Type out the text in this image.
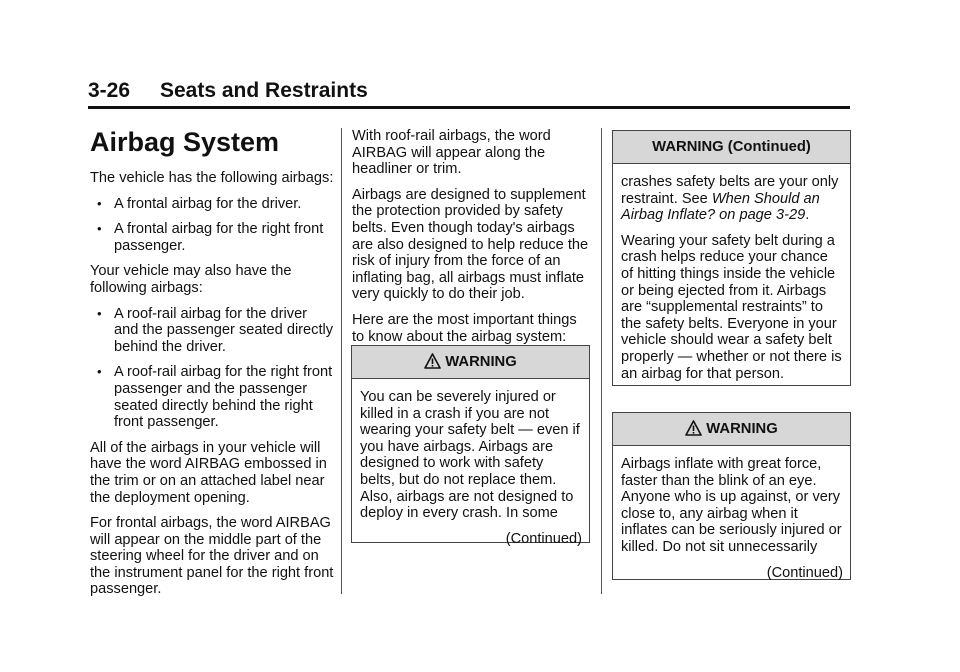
3-26 Seats and Restraints
Airbag System

The vehicle has the following airbags:

• A frontal airbag for the driver.
• A frontal airbag for the right front passenger.

Your vehicle may also have the following airbags:

• A roof-rail airbag for the driver and the passenger seated directly behind the driver.
• A roof-rail airbag for the right front passenger and the passenger seated directly behind the right front passenger.

All of the airbags in your vehicle will have the word AIRBAG embossed in the trim or on an attached label near the deployment opening.

For frontal airbags, the word AIRBAG will appear on the middle part of the steering wheel for the driver and on the instrument panel for the right front passenger.

With roof-rail airbags, the word AIRBAG will appear along the headliner or trim.

Airbags are designed to supplement the protection provided by safety belts. Even though today's airbags are also designed to help reduce the risk of injury from the force of an inflating bag, all airbags must inflate very quickly to do their job.

Here are the most important things to know about the airbag system:

WARNING

You can be severely injured or killed in a crash if you are not wearing your safety belt — even if you have airbags. Airbags are designed to work with safety belts, but do not replace them. Also, airbags are not designed to deploy in every crash. In some

(Continued)

WARNING (Continued)

crashes safety belts are your only restraint. See When Should an Airbag Inflate? on page 3-29.

Wearing your safety belt during a crash helps reduce your chance of hitting things inside the vehicle or being ejected from it. Airbags are “supplemental restraints” to the safety belts. Everyone in your vehicle should wear a safety belt properly — whether or not there is an airbag for that person.

WARNING

Airbags inflate with great force, faster than the blink of an eye. Anyone who is up against, or very close to, any airbag when it inflates can be seriously injured or killed. Do not sit unnecessarily

(Continued)
